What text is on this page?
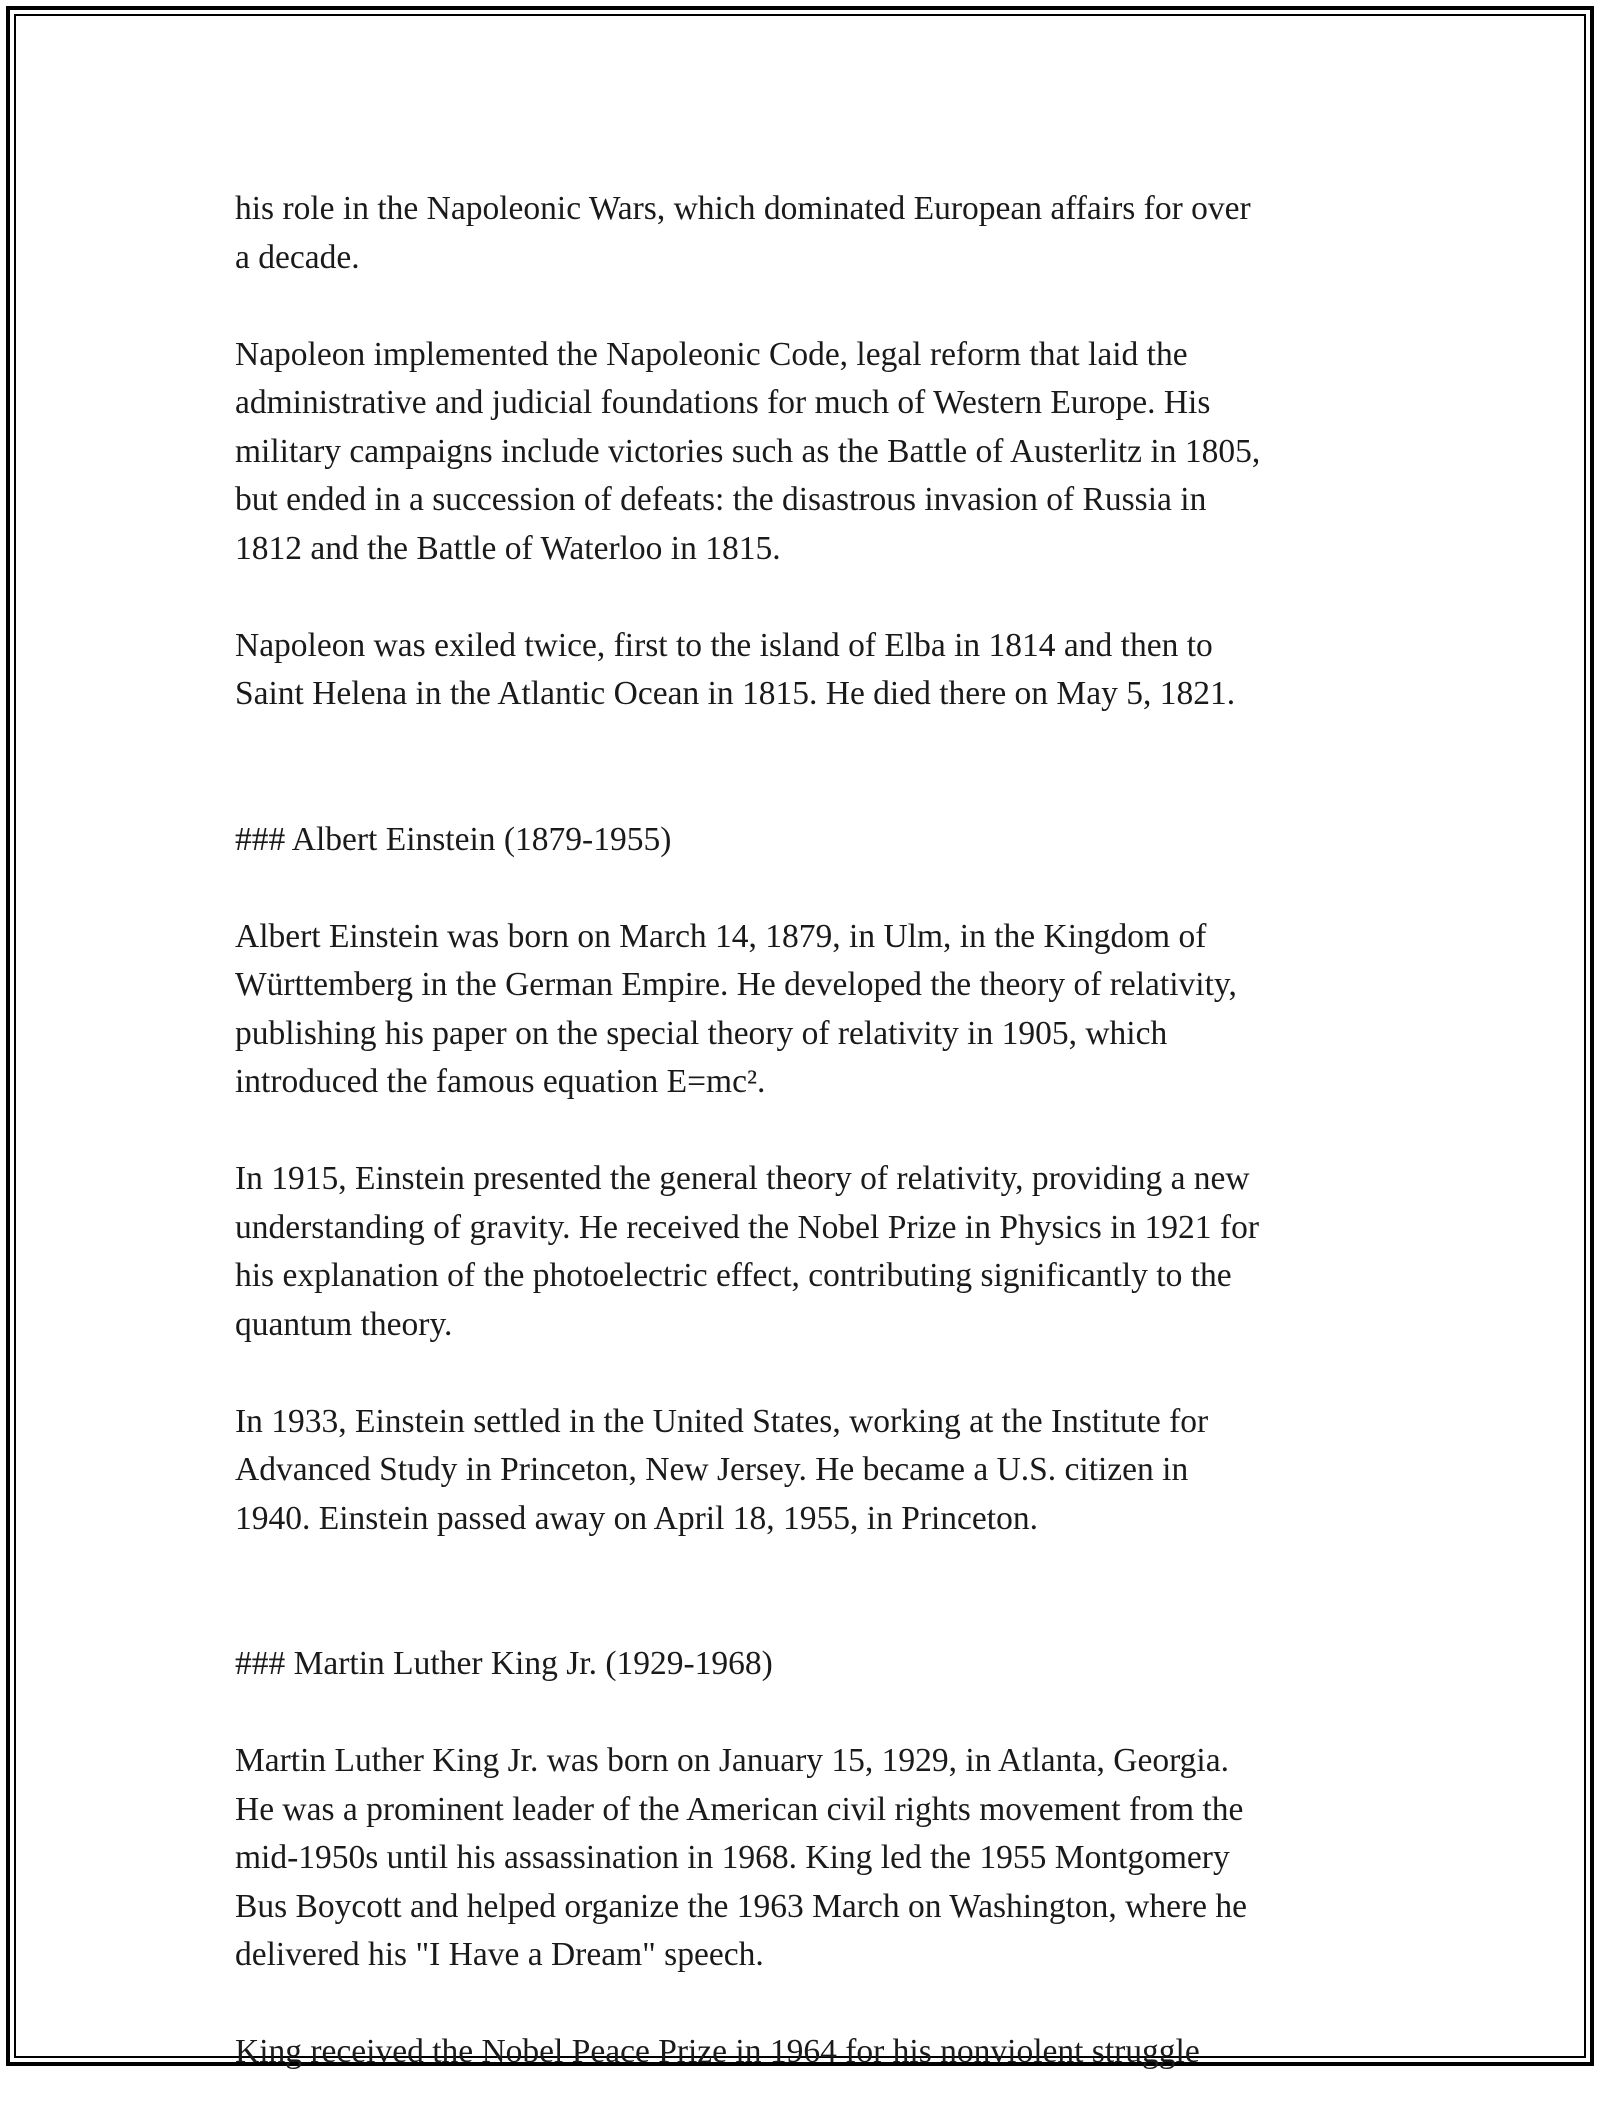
his role in the Napoleonic Wars, which dominated European affairs for over
a decade.

Napoleon implemented the Napoleonic Code, legal reform that laid the
administrative and judicial foundations for much of Western Europe. His
military campaigns include victories such as the Battle of Austerlitz in 1805,
but ended in a succession of defeats: the disastrous invasion of Russia in
1812 and the Battle of Waterloo in 1815.

Napoleon was exiled twice, first to the island of Elba in 1814 and then to
Saint Helena in the Atlantic Ocean in 1815. He died there on May 5, 1821.

### Albert Einstein (1879-1955)

Albert Einstein was born on March 14, 1879, in Ulm, in the Kingdom of
Württemberg in the German Empire. He developed the theory of relativity,
publishing his paper on the special theory of relativity in 1905, which
introduced the famous equation E=mc².

In 1915, Einstein presented the general theory of relativity, providing a new
understanding of gravity. He received the Nobel Prize in Physics in 1921 for
his explanation of the photoelectric effect, contributing significantly to the
quantum theory.

In 1933, Einstein settled in the United States, working at the Institute for
Advanced Study in Princeton, New Jersey. He became a U.S. citizen in
1940. Einstein passed away on April 18, 1955, in Princeton.

### Martin Luther King Jr. (1929-1968)

Martin Luther King Jr. was born on January 15, 1929, in Atlanta, Georgia.
He was a prominent leader of the American civil rights movement from the
mid-1950s until his assassination in 1968. King led the 1955 Montgomery
Bus Boycott and helped organize the 1963 March on Washington, where he
delivered his "I Have a Dream" speech.

King received the Nobel Peace Prize in 1964 for his nonviolent struggle
